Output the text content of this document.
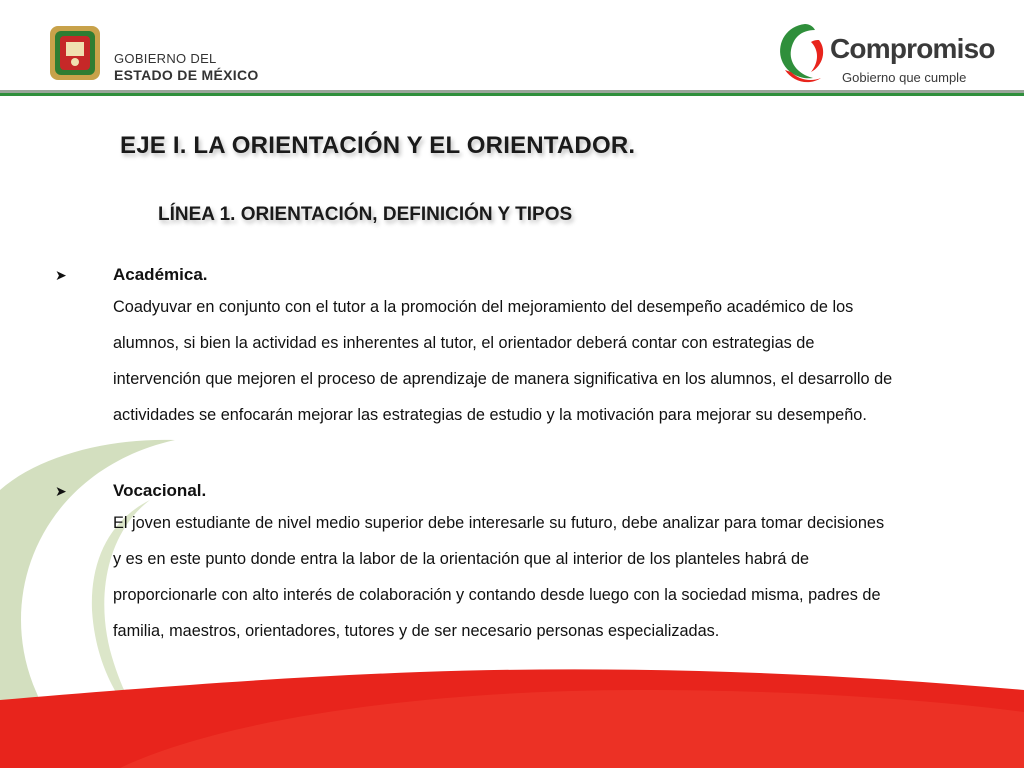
GOBIERNO DEL
ESTADO DE MÉXICO
Compromiso
Gobierno que cumple
EJE I. LA ORIENTACIÓN Y EL ORIENTADOR.
LÍNEA 1. ORIENTACIÓN, DEFINICIÓN Y TIPOS
➤	Académica.
Coadyuvar en conjunto con el tutor a la promoción del mejoramiento del desempeño académico de los
alumnos, si bien la actividad es inherentes al tutor, el orientador deberá contar con estrategias de
intervención que mejoren el proceso de aprendizaje de manera significativa en los alumnos, el desarrollo de
actividades se enfocarán mejorar las estrategias de estudio y la motivación para mejorar su desempeño.
➤	Vocacional.
El joven estudiante de nivel medio superior debe interesarle su futuro, debe analizar para tomar decisiones
y es en este punto donde entra la labor de la orientación que al interior de los planteles habrá de
proporcionarle con alto interés de colaboración y contando desde luego con la sociedad misma, padres de
familia, maestros, orientadores, tutores y de ser necesario personas especializadas.
